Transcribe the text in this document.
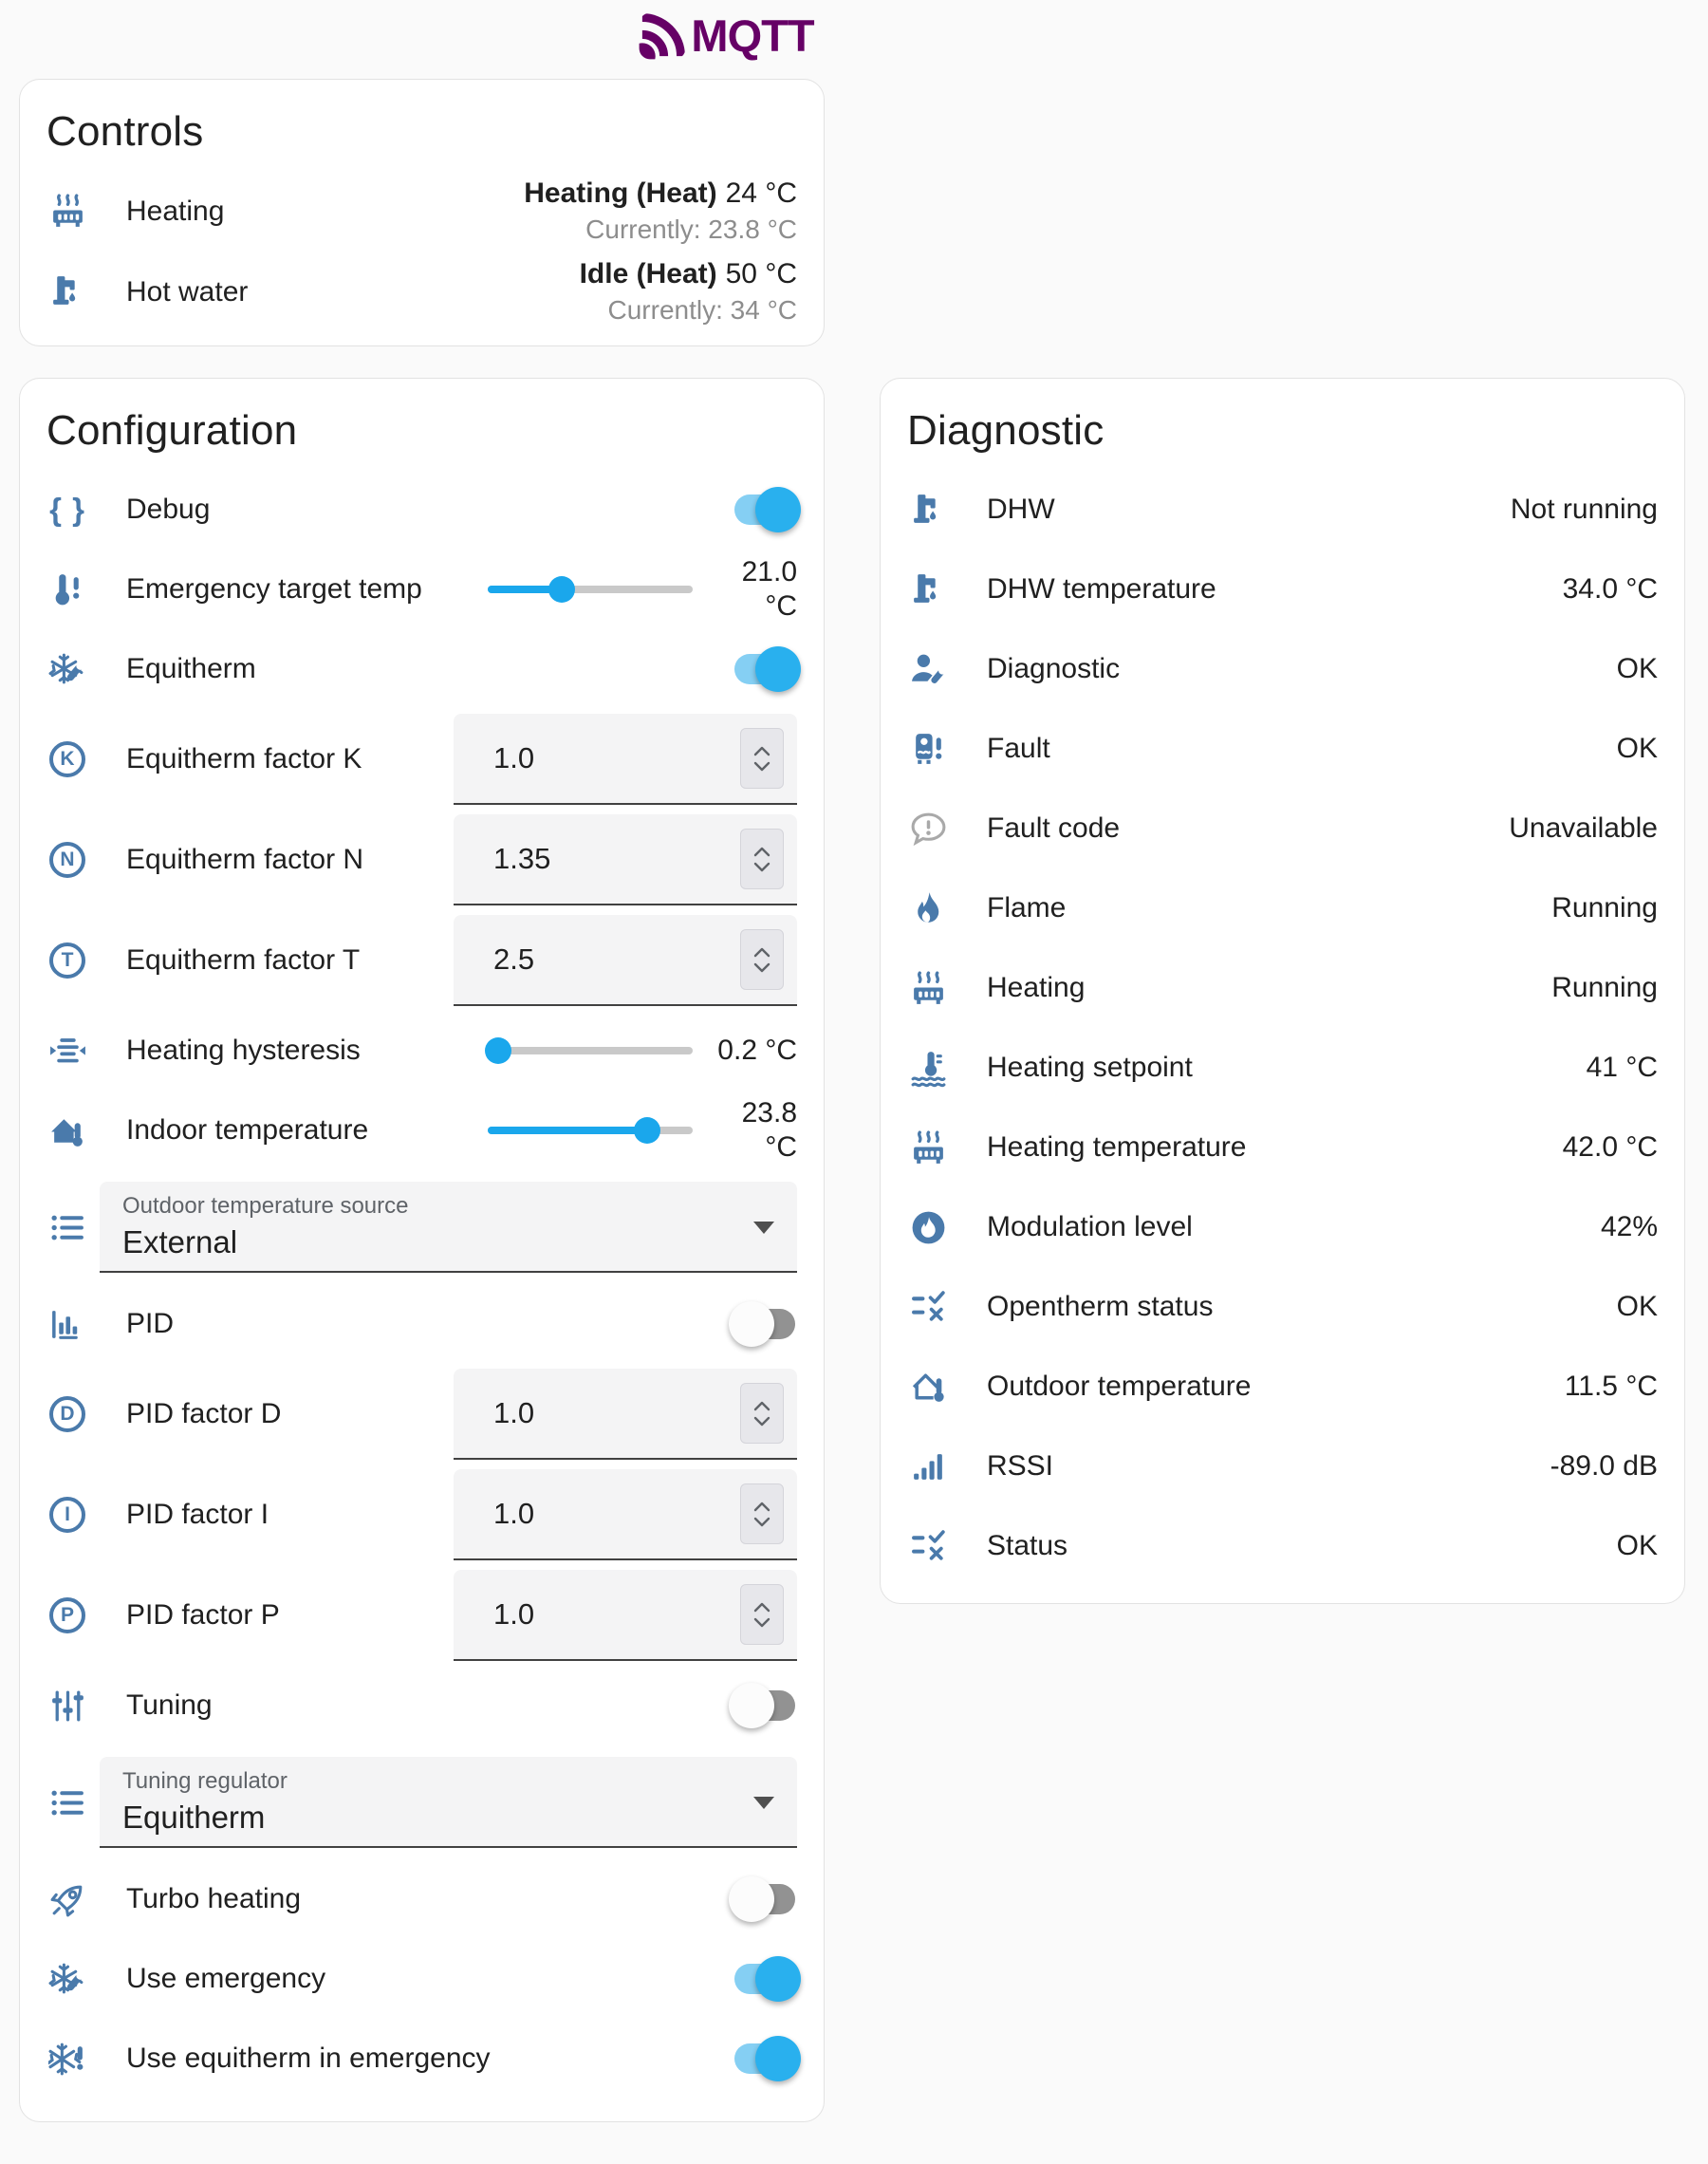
MQTT
Controls
Heating
Heating (Heat) 24 °C
Currently: 23.8 °C
Hot water
Idle (Heat) 50 °C
Currently: 34 °C
Configuration
{ } Debug
Emergency target temp
21.0
°C
Equitherm
K	Equitherm factor K	1.0
N	Equitherm factor N	1.35
T	Equitherm factor T	2.5
Heating hysteresis	0.2 °C
Indoor temperature
23.8
°C
Outdoor temperature source
External
PID
D	PID factor D	1.0
I	PID factor I	1.0
P	PID factor P	1.0
Tuning
Tuning regulator
Equitherm
Turbo heating
Use emergency
Use equitherm in emergency
Diagnostic
DHW	Not running
DHW temperature	34.0 °C
Diagnostic	OK
Fault	OK
Fault code	Unavailable
Flame	Running
Heating	Running
Heating setpoint	41 °C
Heating temperature	42.0 °C
Modulation level	42%
Opentherm status	OK
Outdoor temperature	11.5 °C
RSSI	-89.0 dB
Status	OK
